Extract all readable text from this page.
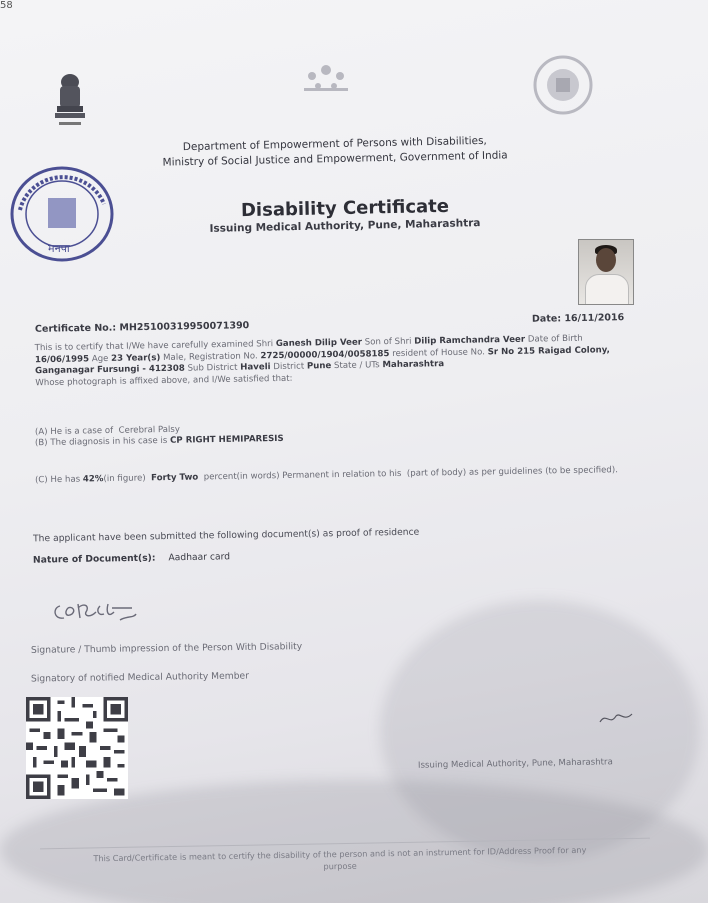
58
मनपा
Department of Empowerment of Persons with Disabilities,
Ministry of Social Justice and Empowerment, Government of India
Disability Certificate
Issuing Medical Authority, Pune, Maharashtra
Date: 16/11/2016
Certificate No.: MH25100319950071390
This is to certify that I/We have carefully examined Shri Ganesh Dilip Veer Son of Shri Dilip Ramchandra Veer Date of Birth 16/06/1995 Age 23 Year(s) Male, Registration No. 2725/00000/1904/0058185 resident of House No. Sr No 215 Raigad Colony, Ganganagar Fursungi - 412308 Sub District Haveli District Pune State / UTs Maharashtra
Whose photograph is affixed above, and I/We satisfied that:
(A) He is a case of Cerebral Palsy
(B) The diagnosis in his case is CP RIGHT HEMIPARESIS
(C) He has 42%(in figure) Forty Two percent(in words) Permanent in relation to his (part of body) as per guidelines (to be specified).
The applicant have been submitted the following document(s) as proof of residence
Nature of Document(s): Aadhaar card
Signature / Thumb impression of the Person With Disability
Signatory of notified Medical Authority Member
Issuing Medical Authority, Pune, Maharashtra
This Card/Certificate is meant to certify the disability of the person and is not an instrument for ID/Address Proof for any
purpose
